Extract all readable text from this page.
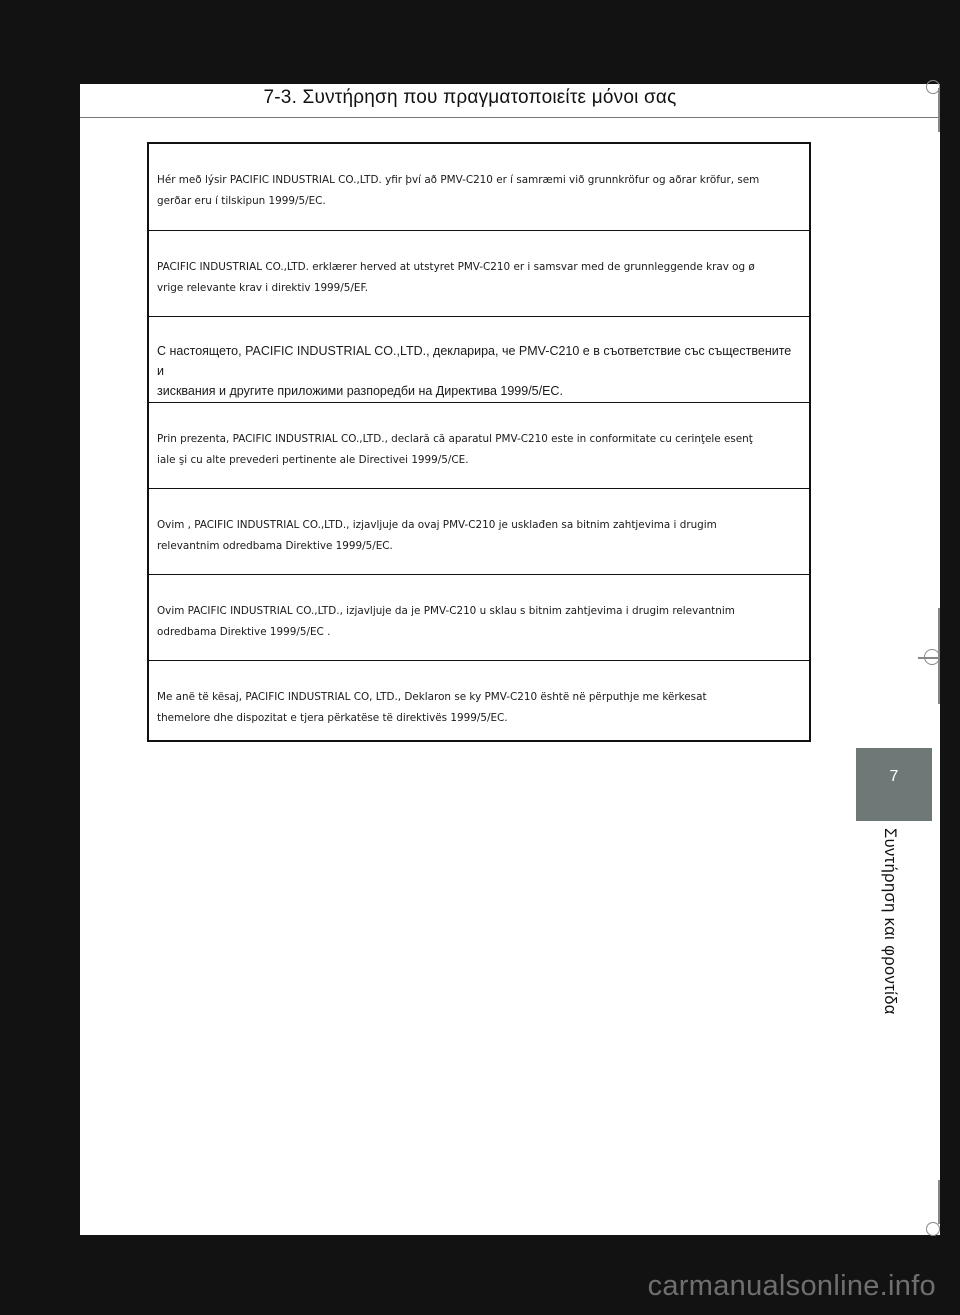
7-3. Συντήρηση που πραγματοποιείτε μόνοι σας
Hér með lýsir PACIFIC INDUSTRIAL CO.,LTD. yfir því að PMV-C210 er í samræmi við grunnkröfur og aðrar kröfur, sem
gerðar eru í tilskipun 1999/5/EC.
PACIFIC INDUSTRIAL CO.,LTD. erklærer herved at utstyret PMV-C210 er i samsvar med de grunnleggende krav og ø
vrige relevante krav i direktiv 1999/5/EF.
С настоящето, PACIFIC INDUSTRIAL CO.,LTD., декларира, че PMV-C210 е в съответствие със съществените и
зисквания и другите приложими разпоредби на Директива 1999/5/ЕС.
Prin prezenta, PACIFIC INDUSTRIAL CO.,LTD., declară că aparatul PMV-C210 este in conformitate cu cerinţele esenţ
iale şi cu alte prevederi pertinente ale Directivei 1999/5/CE.
Ovim , PACIFIC INDUSTRIAL CO.,LTD., izjavljuje da ovaj PMV-C210 je usklađen sa bitnim zahtjevima i drugim
relevantnim odredbama Direktive 1999/5/EC.
Ovim PACIFIC INDUSTRIAL CO.,LTD., izjavljuje da je PMV-C210 u sklau s bitnim zahtjevima i drugim relevantnim
odredbama Direktive 1999/5/EC .
Me anë të kësaj, PACIFIC INDUSTRIAL CO, LTD., Deklaron se ky PMV-C210 është në përputhje me kërkesat
themelore dhe dispozitat e tjera përkatëse të direktivës 1999/5/EC.
7
Συντήρηση και φροντίδα
carmanualsonline.info
